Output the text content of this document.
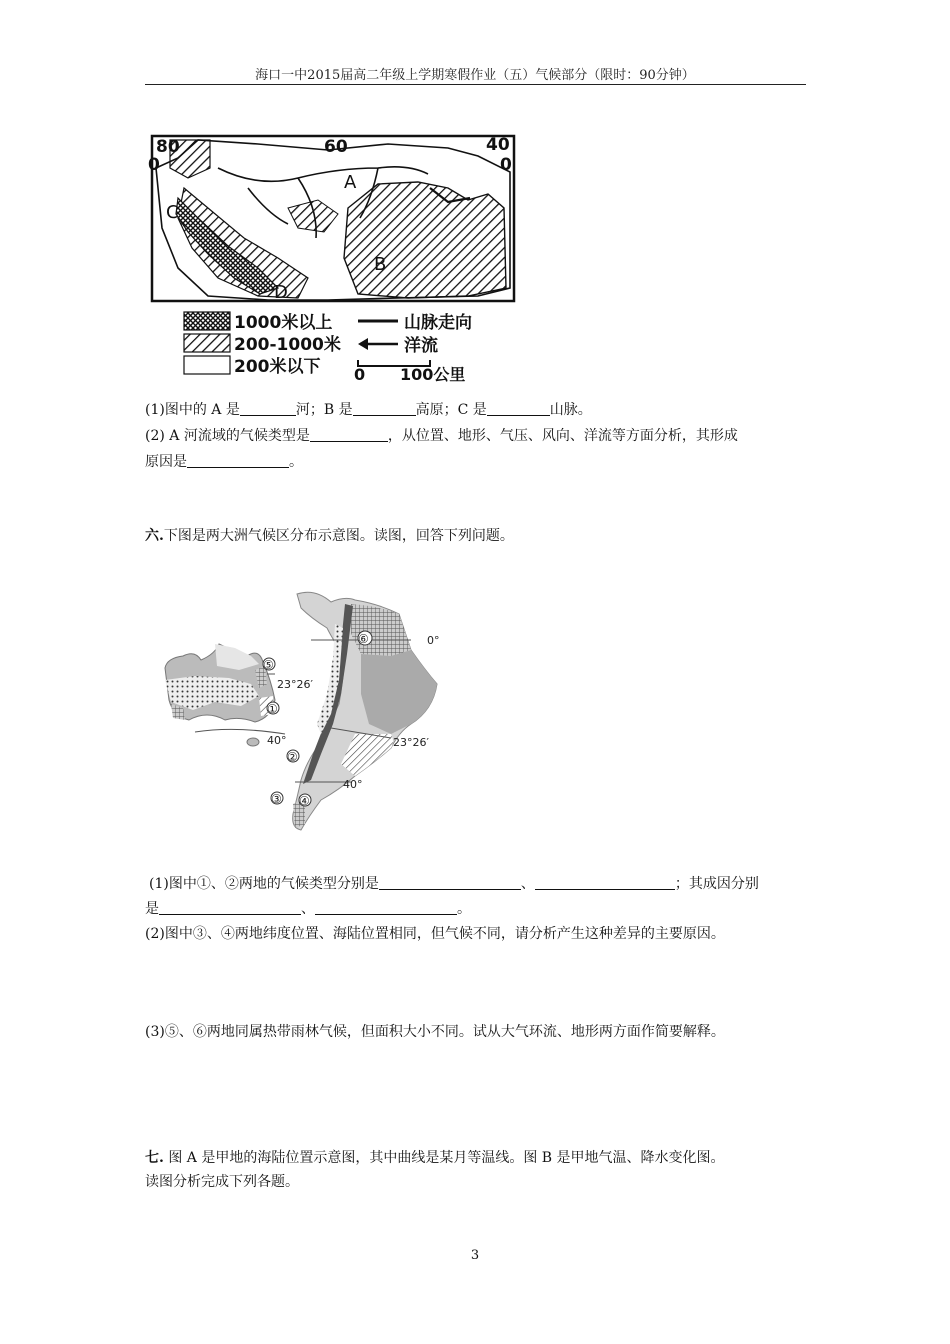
海口一中2015届高二年级上学期寒假作业（五）气候部分（限时：90分钟）
80	60	40
0	0
A
B
C
D
1000米以上
200-1000米
200米以下
山脉走向
洋流
0 100公里
(1)图中的 A 是	河；B 是	高原；C 是	山脉。
(2) A 河流域的气候类型是	，从位置、地形、气压、风向、洋流等方面分析，其形成
原因是	。
六.下图是两大洲气候区分布示意图。读图，回答下列问题。
23°26′
40°
⑤
①
0°
23°26′
40°
⑥
②
③ ④
(1)图中①、②两地的气候类型分别是	、	；其成因分别
是	、	。
(2)图中③、④两地纬度位置、海陆位置相同，但气候不同，请分析产生这种差异的主要原因。
(3)⑤、⑥两地同属热带雨林气候，但面积大小不同。试从大气环流、地形两方面作简要解释。
七. 图 A 是甲地的海陆位置示意图，其中曲线是某月等温线。图 B 是甲地气温、降水变化图。
读图分析完成下列各题。
3
